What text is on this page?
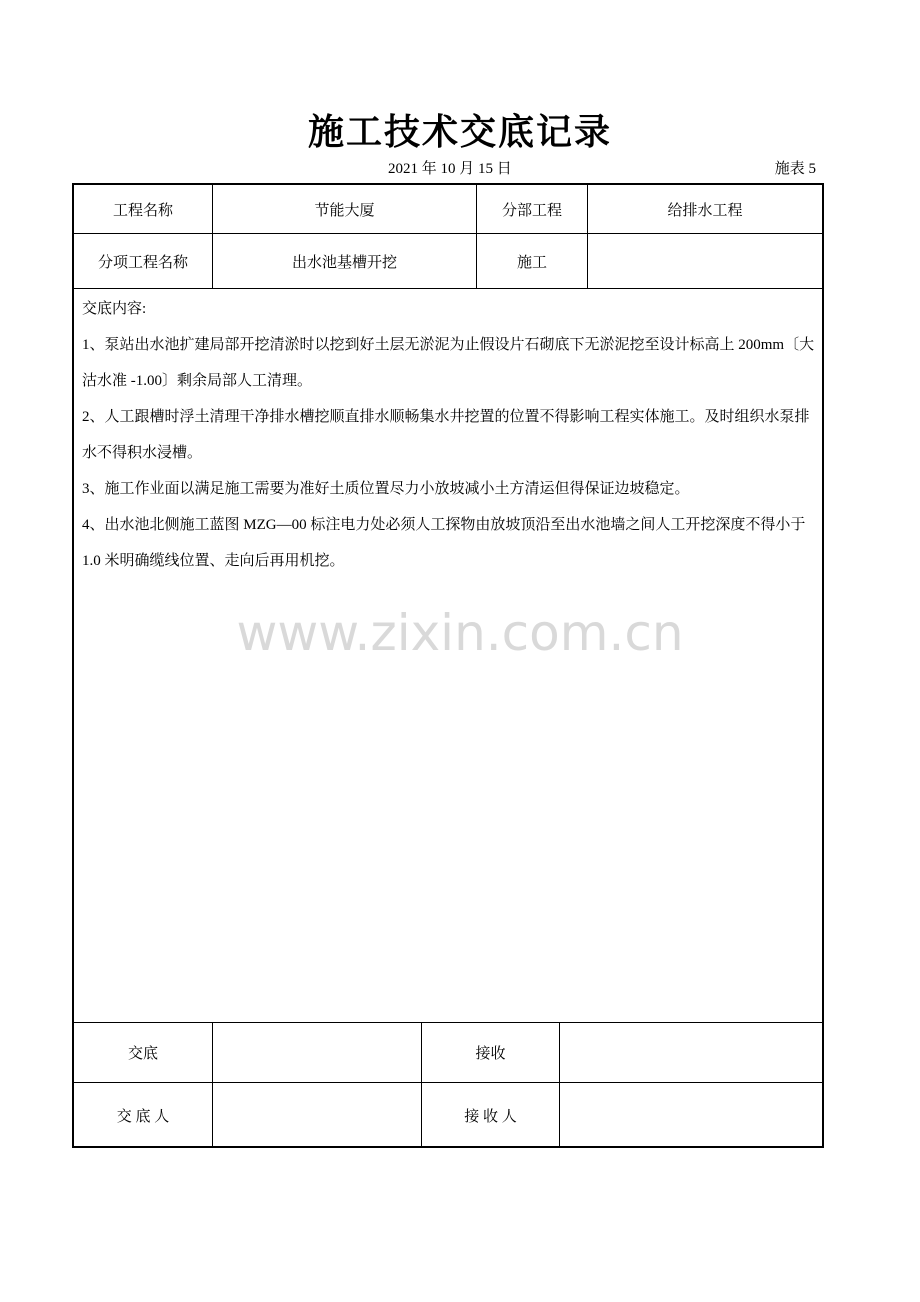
施工技术交底记录
2021 年 10 月 15 日	施表 5
工程名称	节能大厦	分部工程	给排水工程
分项工程名称	出水池基槽开挖	施工

交底内容:

1、泵站出水池扩建局部开挖清淤时以挖到好土层无淤泥为止假设片石砌底下无淤泥挖至设计标高上 200mm〔大沽水准 -1.00〕剩余局部人工清理。

2、人工跟槽时浮土清理干净排水槽挖顺直排水顺畅集水井挖置的位置不得影响工程实体施工。及时组织水泵排水不得积水浸槽。

3、施工作业面以满足施工需要为准好土质位置尽力小放坡减小土方清运但得保证边坡稳定。

4、出水池北侧施工蓝图 MZG—00 标注电力处必须人工探物由放坡顶沿至出水池墙之间人工开挖深度不得小于 1.0 米明确缆线位置、走向后再用机挖。

交底	接收
交 底 人	接 收 人
www.zixin.com.cn
